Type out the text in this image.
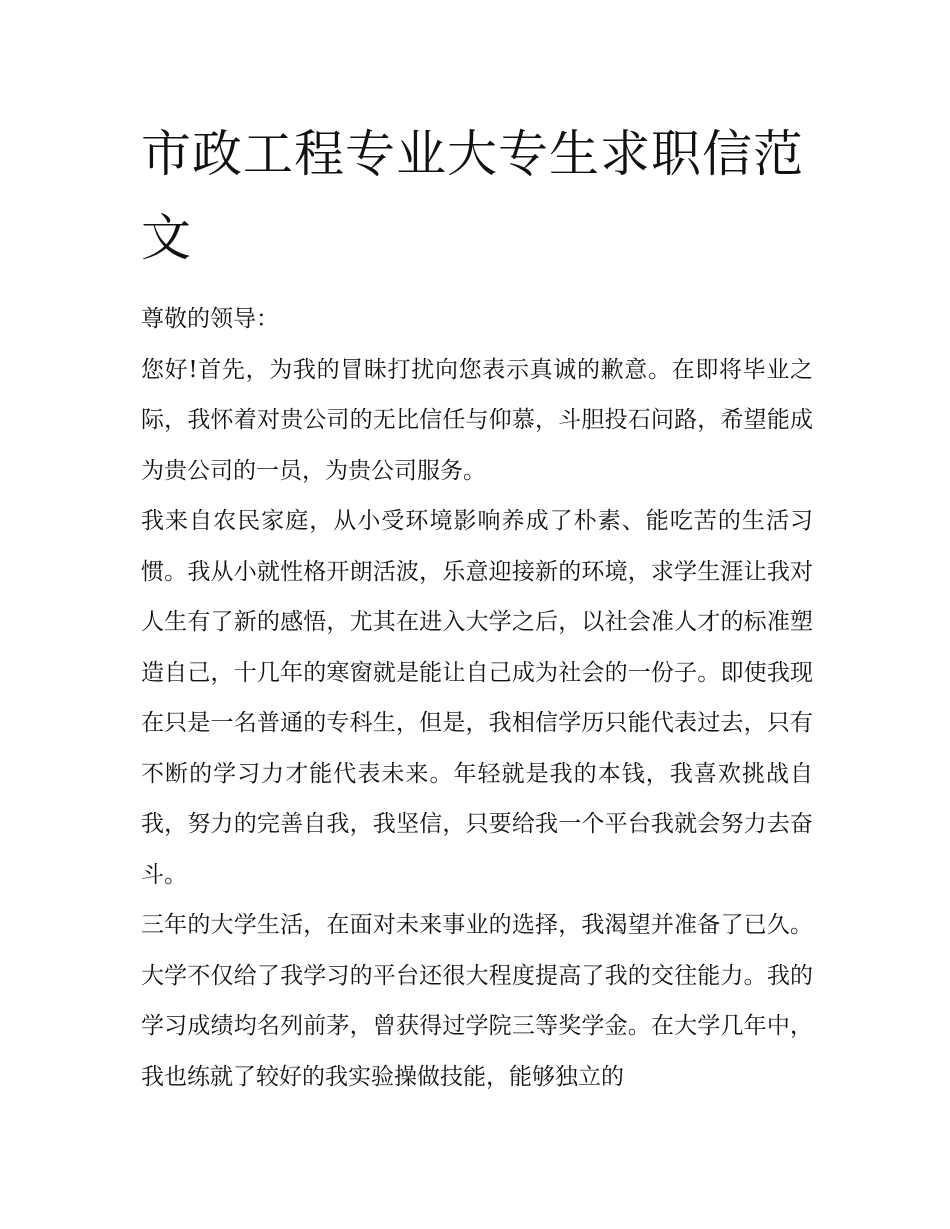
市政工程专业大专生求职信范文

尊敬的领导：

您好!首先，为我的冒昧打扰向您表示真诚的歉意。在即将毕业之际，我怀着对贵公司的无比信任与仰慕，斗胆投石问路，希望能成为贵公司的一员，为贵公司服务。

我来自农民家庭，从小受环境影响养成了朴素、能吃苦的生活习惯。我从小就性格开朗活波，乐意迎接新的环境，求学生涯让我对人生有了新的感悟，尤其在进入大学之后，以社会准人才的标准塑造自己，十几年的寒窗就是能让自己成为社会的一份子。即使我现在只是一名普通的专科生，但是，我相信学历只能代表过去，只有不断的学习力才能代表未来。年轻就是我的本钱，我喜欢挑战自我，努力的完善自我，我坚信，只要给我一个平台我就会努力去奋斗。

三年的大学生活，在面对未来事业的选择，我渴望并准备了已久。大学不仅给了我学习的平台还很大程度提高了我的交往能力。我的学习成绩均名列前茅，曾获得过学院三等奖学金。在大学几年中，我也练就了较好的我实验操做技能，能够独立的
